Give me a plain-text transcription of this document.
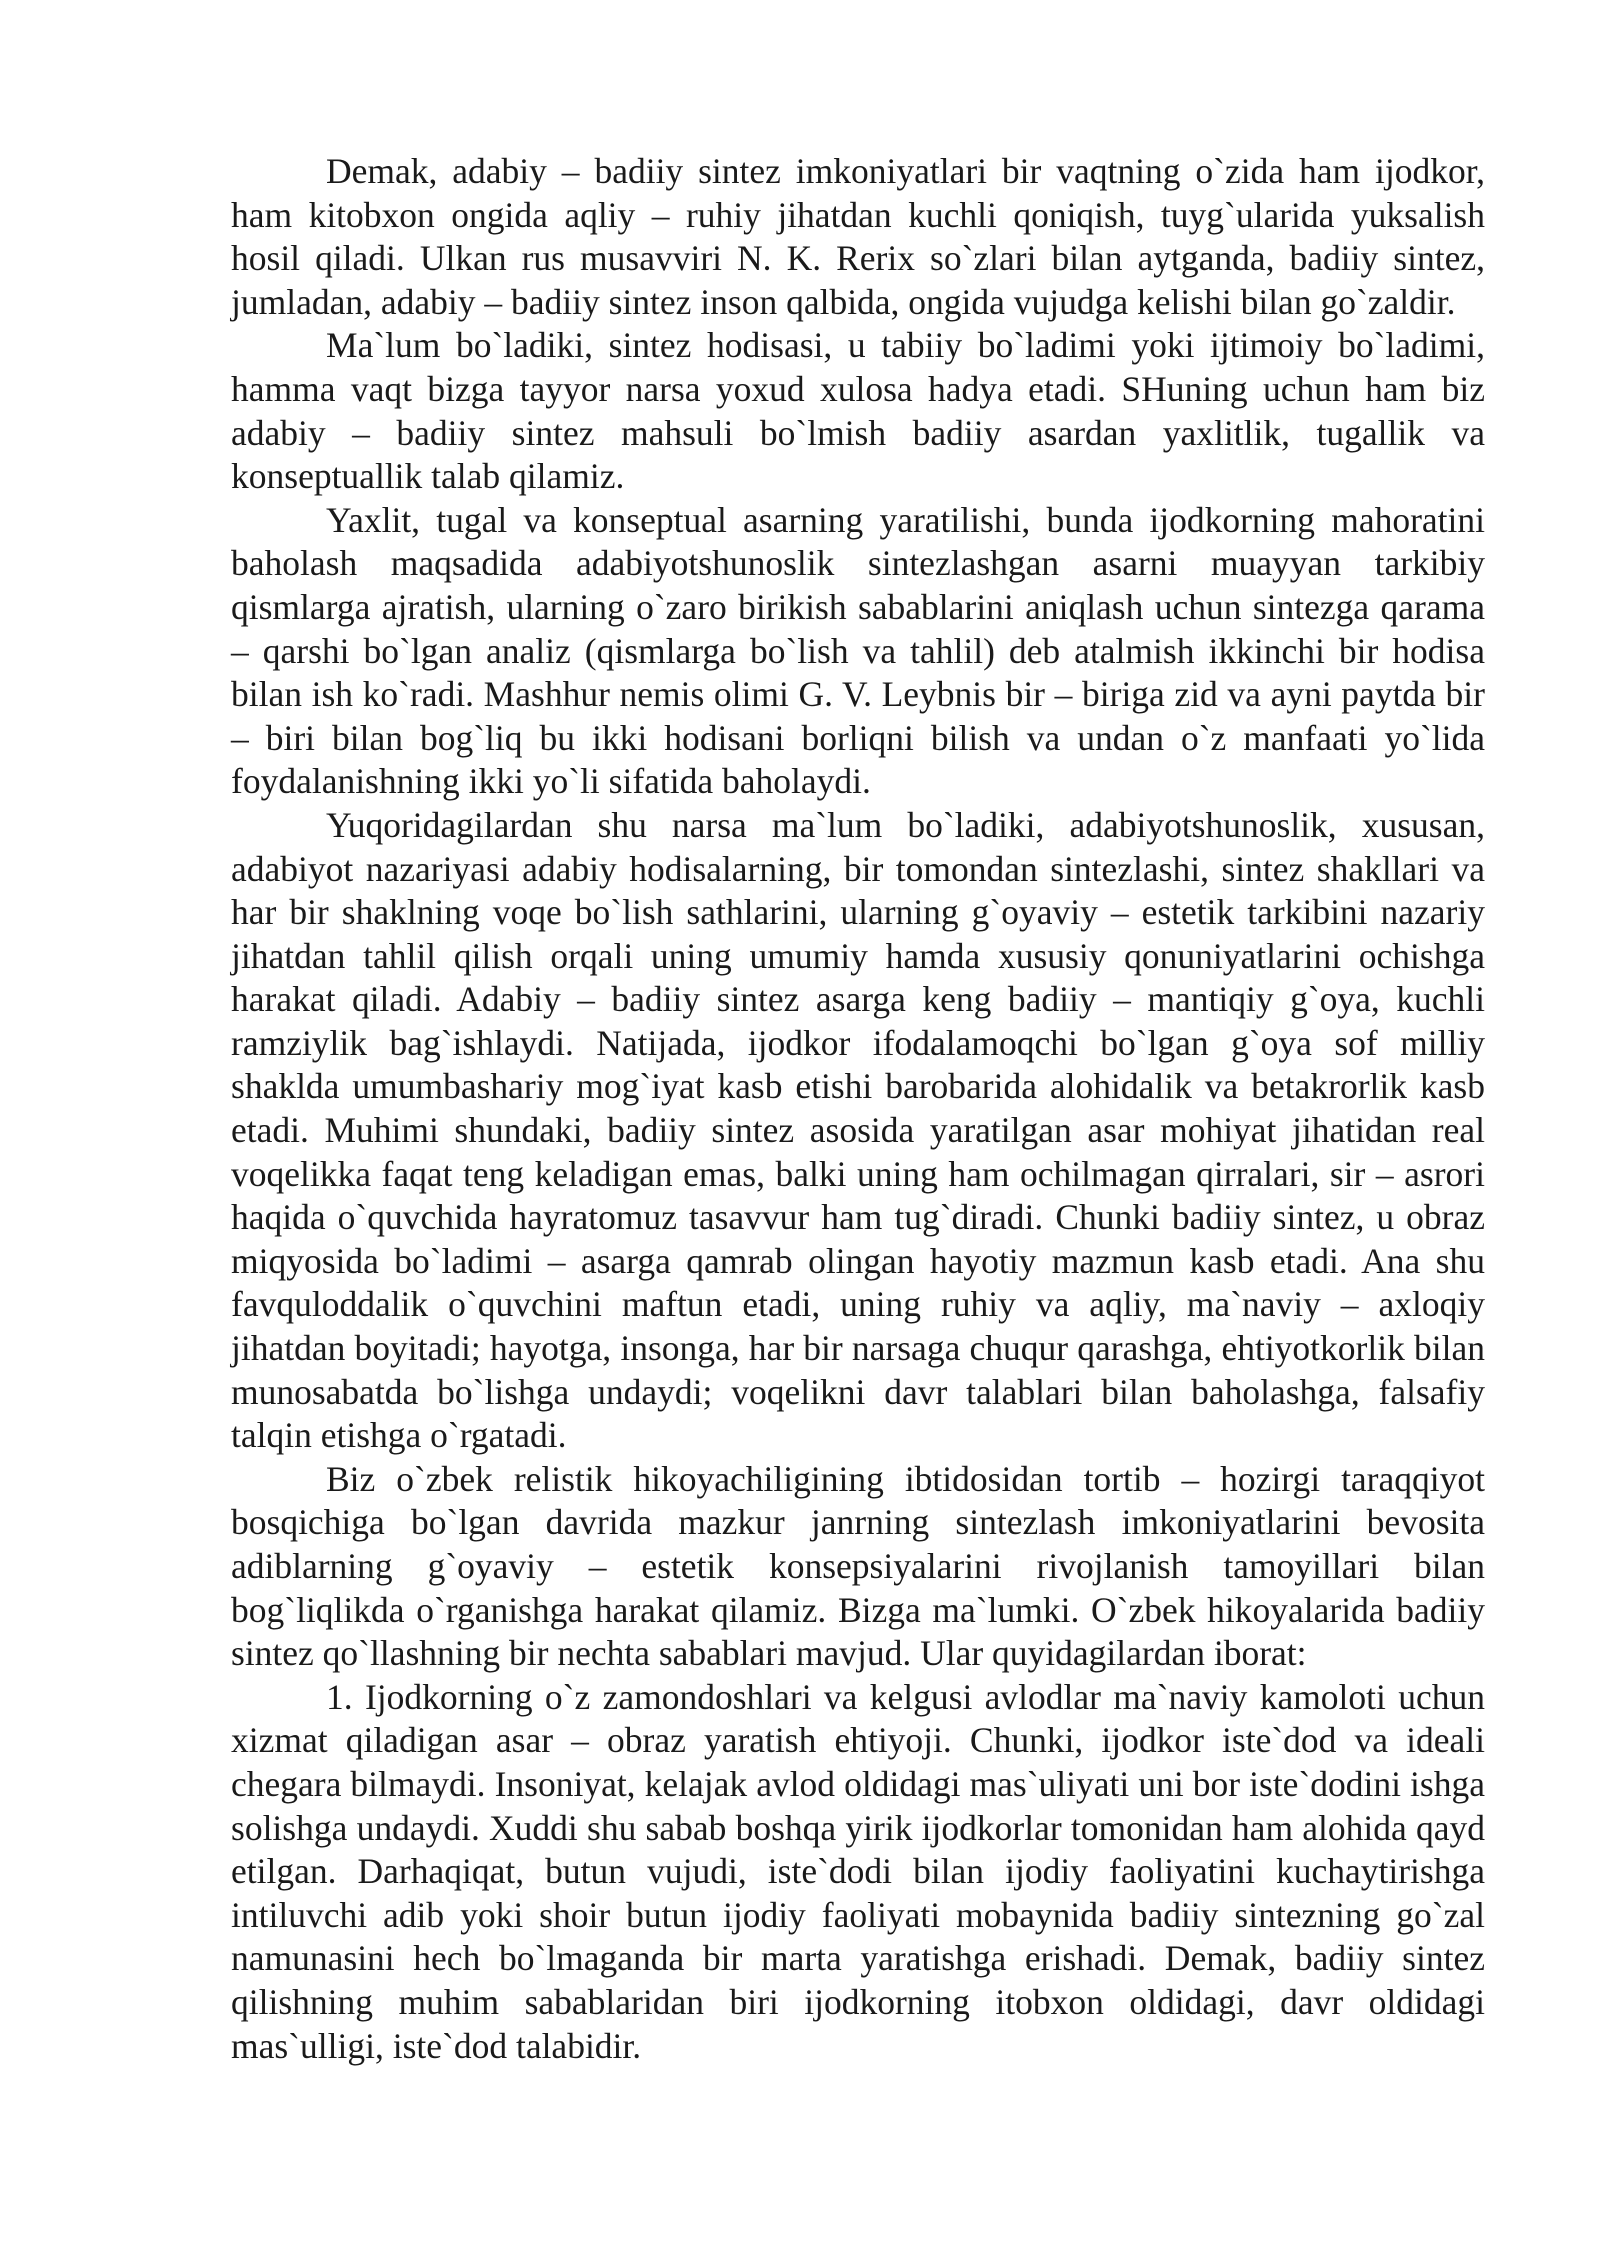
Demak, adabiy – badiiy sintez imkoniyatlari bir vaqtning o`zida ham ijodkor, ham kitobxon ongida aqliy – ruhiy jihatdan kuchli qoniqish, tuyg`ularida yuksalish hosil qiladi. Ulkan rus musavviri N. K. Rerix so`zlari bilan aytganda, badiiy sintez, jumladan, adabiy – badiiy sintez inson qalbida, ongida vujudga kelishi bilan go`zaldir.

Ma`lum bo`ladiki, sintez hodisasi, u tabiiy bo`ladimi yoki ijtimoiy bo`ladimi, hamma vaqt bizga tayyor narsa yoxud xulosa hadya etadi. SHuning uchun ham biz adabiy – badiiy sintez mahsuli bo`lmish badiiy asardan yaxlitlik, tugallik va konseptuallik talab qilamiz.

Yaxlit, tugal va konseptual asarning yaratilishi, bunda ijodkorning mahoratini baholash maqsadida adabiyotshunoslik sintezlashgan asarni muayyan tarkibiy qismlarga ajratish, ularning o`zaro birikish sabablarini aniqlash uchun sintezga qarama – qarshi bo`lgan analiz (qismlarga bo`lish va tahlil) deb atalmish ikkinchi bir hodisa bilan ish ko`radi. Mashhur nemis olimi G. V. Leybnis bir – biriga zid va ayni paytda bir – biri bilan bog`liq bu ikki hodisani borliqni bilish va undan o`z manfaati yo`lida foydalanishning ikki yo`li sifatida baholaydi.

Yuqoridagilardan shu narsa ma`lum bo`ladiki, adabiyotshunoslik, xususan, adabiyot nazariyasi adabiy hodisalarning, bir tomondan sintezlashi, sintez shakllari va har bir shaklning voqe bo`lish sathlarini, ularning g`oyaviy – estetik tarkibini nazariy jihatdan tahlil qilish orqali uning umumiy hamda xususiy qonuniyatlarini ochishga harakat qiladi. Adabiy – badiiy sintez asarga keng badiiy – mantiqiy g`oya, kuchli ramziylik bag`ishlaydi. Natijada, ijodkor ifodalamoqchi bo`lgan g`oya sof milliy shaklda umumbashariy mog`iyat kasb etishi barobarida alohidalik va betakrorlik kasb etadi. Muhimi shundaki, badiiy sintez asosida yaratilgan asar mohiyat jihatidan real voqelikka faqat teng keladigan emas, balki uning ham ochilmagan qirralari, sir – asrori haqida o`quvchida hayratomuz tasavvur ham tug`diradi. Chunki badiiy sintez, u obraz miqyosida bo`ladimi – asarga qamrab olingan hayotiy mazmun kasb etadi. Ana shu favquloddalik o`quvchini maftun etadi, uning ruhiy va aqliy, ma`naviy – axloqiy jihatdan boyitadi; hayotga, insonga, har bir narsaga chuqur qarashga, ehtiyotkorlik bilan munosabatda bo`lishga undaydi; voqelikni davr talablari bilan baholashga, falsafiy talqin etishga o`rgatadi.

Biz o`zbek relistik hikoyachiligining ibtidosidan tortib – hozirgi taraqqiyot bosqichiga bo`lgan davrida mazkur janrning sintezlash imkoniyatlarini bevosita adiblarning g`oyaviy – estetik konsepsiyalarini rivojlanish tamoyillari bilan bog`liqlikda o`rganishga harakat qilamiz. Bizga ma`lumki. O`zbek hikoyalarida badiiy sintez qo`llashning bir nechta sabablari mavjud. Ular quyidagilardan iborat:

1. Ijodkorning o`z zamondoshlari va kelgusi avlodlar ma`naviy kamoloti uchun xizmat qiladigan asar – obraz yaratish ehtiyoji. Chunki, ijodkor iste`dod va ideali chegara bilmaydi. Insoniyat, kelajak avlod oldidagi mas`uliyati uni bor iste`dodini ishga solishga undaydi. Xuddi shu sabab boshqa yirik ijodkorlar tomonidan ham alohida qayd etilgan. Darhaqiqat, butun vujudi, iste`dodi bilan ijodiy faoliyatini kuchaytirishga intiluvchi adib yoki shoir butun ijodiy faoliyati mobaynida badiiy sintezning go`zal namunasini hech bo`lmaganda bir marta yaratishga erishadi. Demak, badiiy sintez qilishning muhim sabablaridan biri ijodkorning itobxon oldidagi, davr oldidagi mas`ulligi, iste`dod talabidir.
